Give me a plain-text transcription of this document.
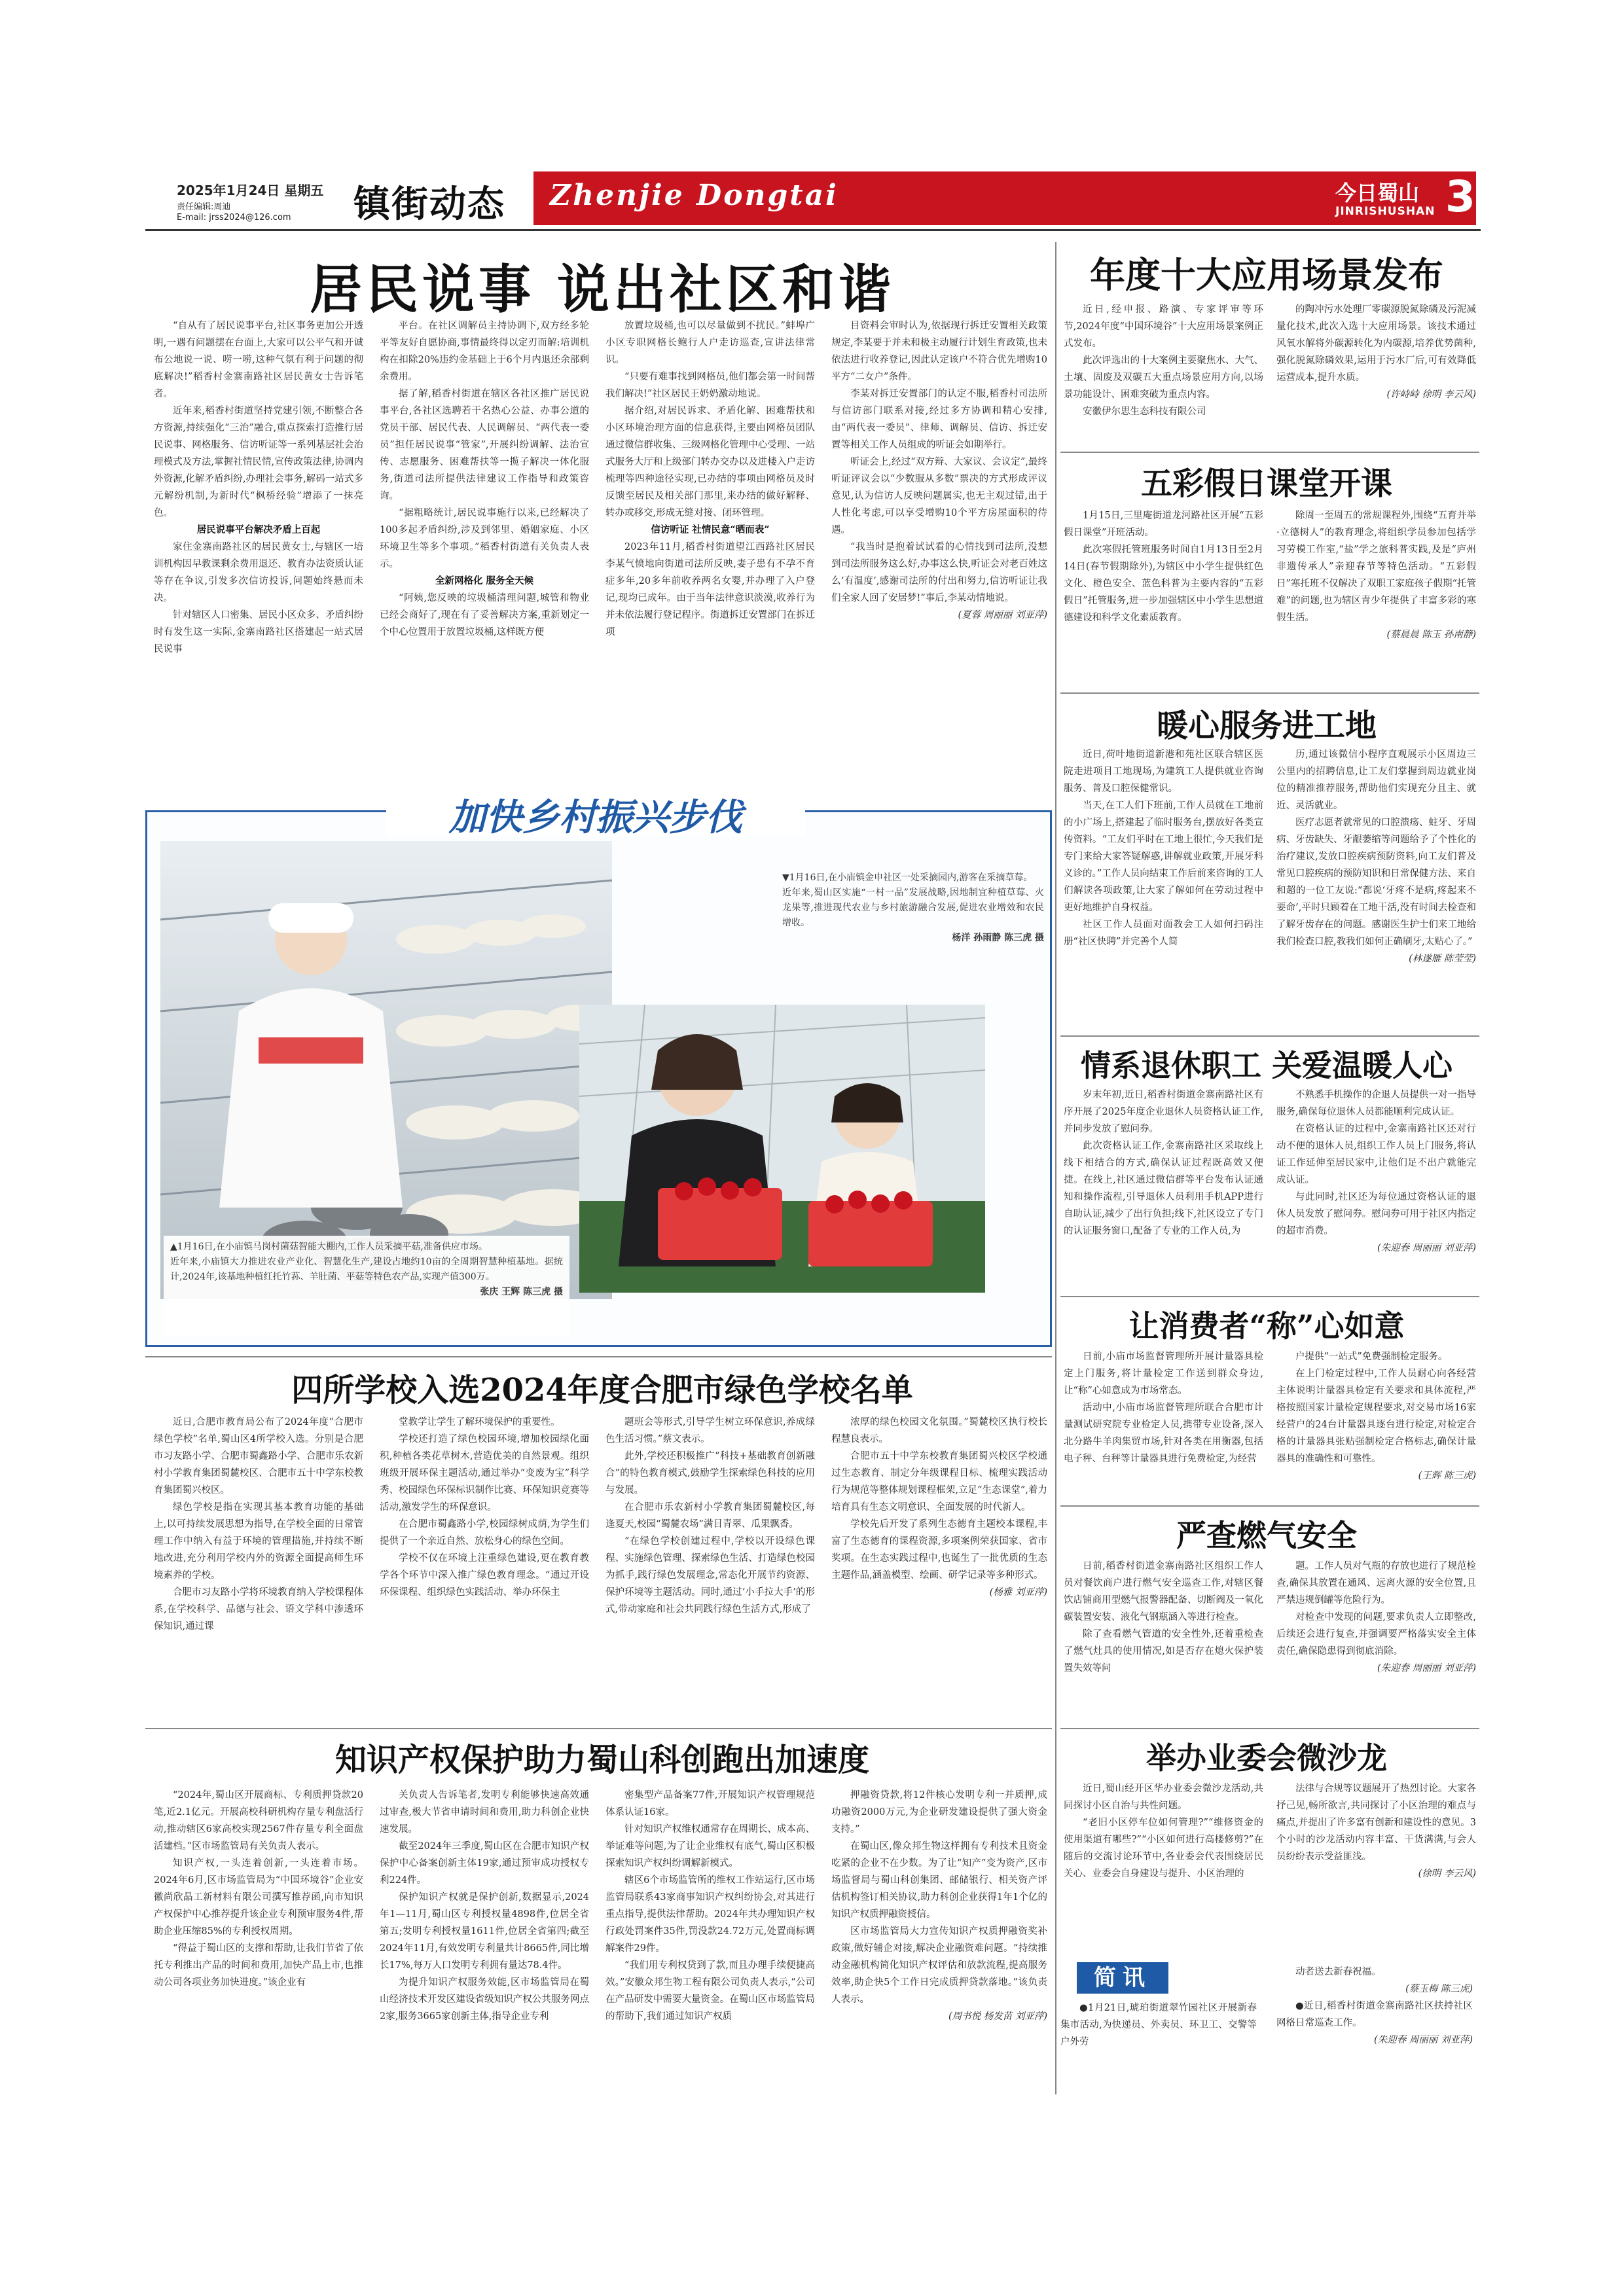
2025年1月24日 星期五
责任编辑:周迪
E-mail: jrss2024@126.com 镇街动态 Zhenjie Dongtai	今日蜀山
JINRISHUSHAN 3
居民说事 说出社区和谐

“自从有了居民说事平台,社区事务更加公开透明,一遇有问题摆在台面上,大家可以公平气和开诚布公地说一说、唠一唠,这种气氛有利于问题的彻底解决!”稻香村金寨南路社区居民黄女士告诉笔者。

近年来,稻香村街道坚持党建引领,不断整合各方资源,持续强化“三治”融合,重点探索打造推行居民说事、网格服务、信访听证等一系列基层社会治理模式及方法,掌握社情民情,宣传政策法律,协调内外资源,化解矛盾纠纷,办理社会事务,解码一站式多元解纷机制,为新时代“枫桥经验”增添了一抹亮色。

居民说事平台解决矛盾上百起

家住金寨南路社区的居民黄女士,与辖区一培训机构因早教课剩余费用退还、教育办法资质认证等存在争议,引发多次信访投诉,问题始终悬而未决。

针对辖区人口密集、居民小区众多、矛盾纠纷时有发生这一实际,金寨南路社区搭建起一站式居民说事

平台。在社区调解员主持协调下,双方经多轮平等友好自愿协商,事情最终得以定刃而解:培训机构在扣除20%违约金基础上于6个月内退还余部剩余费用。

据了解,稻香村街道在辖区各社区推广居民说事平台,各社区选聘若干名热心公益、办事公道的党员干部、居民代表、人民调解员、“两代表一委员”担任居民说事“管家”,开展纠纷调解、法治宣传、志愿服务、困难帮扶等一揽子解决一体化服务,街道司法所提供法律建议工作指导和政策咨询。

“据粗略统计,居民说事施行以来,已经解决了100多起矛盾纠纷,涉及到邻里、婚姻家庭、小区环境卫生等多个事项。”稻香村街道有关负责人表示。

全新网格化 服务全天候

“阿姨,您反映的垃圾桶清理问题,城管和物业已经会商好了,现在有了妥善解决方案,重新划定一个中心位置用于放置垃圾桶,这样既方便

放置垃圾桶,也可以尽量做到不扰民。”蚌埠广小区专职网格长鲍行人户走访巡查,宣讲法律常识。

“只要有难事找到网格员,他们都会第一时间帮我们解决!”社区居民王奶奶激动地说。

据介绍,对居民诉求、矛盾化解、困难帮扶和小区环境治理方面的信息获得,主要由网格员团队通过微信群收集、三级网格化管理中心受理、一站式服务大厅和上级部门转办交办以及进楼入户走访梳理等四种途径实现,已办结的事项由网格员及时反馈至居民及相关部门那里,来办结的做好解释、转办或移交,形成无缝对接、闭环管理。

信访听证 社情民意“晒而表”

2023年11月,稻香村街道望江西路社区居民李某气愤地向街道司法所反映,妻子患有不孕不育症多年,20多年前收养两名女婴,并办理了入户登记,现均已成年。由于当年法律意识淡漠,收养行为并未依法履行登记程序。街道拆迁安置部门在拆迁项

目资料会审时认为,依据现行拆迁安置相关政策规定,李某要于并未和极主动履行计划生育政策,也未依法进行收养登记,因此认定该户不符合优先增购10平方“二女户”条件。

李某对拆迁安置部门的认定不服,稻香村司法所与信访部门联系对接,经过多方协调和精心安排,由“两代表一委员”、律师、调解员、信访、拆迁安置等相关工作人员组成的听证会如期举行。

听证会上,经过“双方辩、大家议、会议定”,最终听证评议会以“少数服从多数”票决的方式形成评议意见,认为信访人反映问题属实,也无主观过错,出于人性化考虑,可以享受增购10个平方房屋面积的待遇。

“我当时是抱着试试看的心情找到司法所,没想到司法所服务这么好,办事这么快,听证会对老百姓这么‘有温度’,感谢司法所的付出和努力,信访听证让我们全家人回了安居梦!”事后,李某动情地说。

(夏蓉 周丽丽 刘亚萍)

加快乡村振兴步伐
▼1月16日,在小庙镇金申社区一处采摘园内,游客在采摘草莓。
近年来,蜀山区实施“一村一品”发展战略,因地制宜种植草莓、火龙果等,推进现代农业与乡村旅游融合发展,促进农业增效和农民增收。
杨洋 孙雨静 陈三虎 摄
▲1月16日,在小庙镇马岗村菌菇智能大棚内,工作人员采摘平菇,准备供应市场。
近年来,小庙镇大力推进农业产业化、智慧化生产,建设占地约10亩的全周期智慧种植基地。据统计,2024年,该基地种植红托竹荪、羊肚菌、平菇等特色农产品,实现产值300万。
张庆 王辉 陈三虎 摄
四所学校入选2024年度合肥市绿色学校名单

近日,合肥市教育局公布了2024年度“合肥市绿色学校”名单,蜀山区4所学校入选。分别是合肥市习友路小学、合肥市蜀鑫路小学、合肥市乐农新村小学教育集团蜀麓校区、合肥市五十中学东校教育集团蜀兴校区。

绿色学校是指在实现其基本教育功能的基础上,以可持续发展思想为指导,在学校全面的日常管理工作中纳入有益于环境的管理措施,并持续不断地改进,充分利用学校内外的资源全面提高师生环境素养的学校。

合肥市习友路小学将环境教育纳入学校课程体系,在学校科学、品德与社会、语文学科中渗透环保知识,通过课

堂教学让学生了解环境保护的重要性。

学校还打造了绿色校园环境,增加校园绿化面积,种植各类花草树木,营造优美的自然景观。组织班级开展环保主题活动,通过举办“变废为宝”科学秀、校园绿色环保标识制作比赛、环保知识竞赛等活动,激发学生的环保意识。

在合肥市蜀鑫路小学,校园绿树成荫,为学生们提供了一个亲近自然、放松身心的绿色空间。

学校不仅在环境上注重绿色建设,更在教育教学各个环节中深入推广绿色教育理念。“通过开设环保课程、组织绿色实践活动、举办环保主

题班会等形式,引导学生树立环保意识,养成绿色生活习惯。”蔡文表示。

此外,学校还积极推广“科技+基础教育创新融合”的特色教育模式,鼓励学生探索绿色科技的应用与发展。

在合肥市乐农新村小学教育集团蜀麓校区,每逢夏天,校园“蜀麓农场”满目青翠、瓜果飘香。

“在绿色学校创建过程中,学校以开设绿色课程、实施绿色管理、探索绿色生活、打造绿色校园为抓手,践行绿色发展理念,常态化开展节约资源、保护环境等主题活动。同时,通过‘小手拉大手’的形式,带动家庭和社会共同践行绿色生活方式,形成了

浓厚的绿色校园文化氛围。”蜀麓校区执行校长程慧良表示。

合肥市五十中学东校教育集团蜀兴校区学校通过生态教育、制定分年级课程目标、梳理实践活动行为规范等整体规划课程框架,立足“生态课堂”,着力培育具有生态文明意识、全面发展的时代新人。

学校先后开发了系列生态德育主题校本课程,丰富了生态德育的课程资源,多项案例荣获国家、省市奖项。在生态实践过程中,也诞生了一批优质的生态主题作品,涵盖模型、绘画、研学记录等多种形式。

(杨雅 刘亚萍)

知识产权保护助力蜀山科创跑出加速度

“2024年,蜀山区开展商标、专利质押贷款20笔,近2.1亿元。开展高校科研机构存量专利盘活行动,推动辖区6家高校实现2567件存量专利全面盘活建档。”区市场监管局有关负责人表示。

知识产权,一头连着创新,一头连着市场。2024年6月,区市场监管局为“中国环境谷”企业安徽尚欣晶工新材料有限公司撰写推荐函,向市知识产权保护中心推荐提升该企业专利预审服务4件,帮助企业压缩85%的专利授权周期。

“得益于蜀山区的支撑和帮助,让我们节省了依托专利推出产品的时间和费用,加快产品上市,也推动公司各项业务加快进度。”该企业有

关负责人告诉笔者,发明专利能够快速高效通过审查,极大节省申请时间和费用,助力科创企业快速发展。

截至2024年三季度,蜀山区在合肥市知识产权保护中心备案创新主体19家,通过预审成功授权专利224件。

保护知识产权就是保护创新,数据显示,2024年1—11月,蜀山区专利授权量4898件,位居全省第五;发明专利授权量1611件,位居全省第四;截至2024年11月,有效发明专利量共计8665件,同比增长17%,每万人口发明专利拥有量达78.4件。

为提升知识产权服务效能,区市场监管局在蜀山经济技术开发区建设省级知识产权公共服务网点2家,服务3665家创新主体,指导企业专利

密集型产品备案77件,开展知识产权管理规范体系认证16家。

针对知识产权维权通常存在周期长、成本高、举证难等问题,为了让企业维权有底气,蜀山区积极探索知识产权纠纷调解新模式。

辖区6个市场监管所的维权工作站运行,区市场监管局联系43家商事知识产权纠纷协会,对其进行重点指导,提供法律帮助。2024年共办理知识产权行政处罚案件35件,罚没款24.72万元,处置商标调解案件29件。

“我们用专利权贷到了款,而且办理手续便捷高效。”安徽众邦生物工程有限公司负责人表示,“公司在产品研发中需要大量资金。在蜀山区市场监管局的帮助下,我们通过知识产权质

押融资贷款,将12件核心发明专利一并质押,成功融资2000万元,为企业研发建设提供了强大资金支持。”

在蜀山区,像众邦生物这样拥有专利技术且资金吃紧的企业不在少数。为了让“知产”变为资产,区市场监督局与蜀山科创集团、邮储银行、相关资产评估机构签订相关协议,助力科创企业获得1年1个亿的知识产权质押融资授信。

区市场监管局大力宣传知识产权质押融资奖补政策,做好辅企对接,解决企业融资难问题。“持续推动金融机构简化知识产权评估和放款流程,提高服务效率,助企快5个工作日完成质押贷款落地。”该负责人表示。

(周书悦 杨发苗 刘亚萍)

年度十大应用场景发布

近日,经申报、路演、专家评审等环节,2024年度“中国环境谷”十大应用场景案例正式发布。

此次评选出的十大案例主要聚焦水、大气、土壤、固废及双碳五大重点场景应用方向,以场景功能设计、困难突破为重点内容。

安徽伊尔思生态科技有限公司

的陶冲污水处理厂零碳源脱氮除磷及污泥减量化技术,此次入选十大应用场景。该技术通过风氧水解将外碳源转化为内碳源,培养优势菌种,强化脱氮除磷效果,运用于污水厂后,可有效降低运营成本,提升水质。

(许峙峙 徐明 李云风)

五彩假日课堂开课

1月15日,三里庵街道龙河路社区开展“五彩假日课堂”开班活动。

此次寒假托管班服务时间自1月13日至2月14日(春节假期除外),为辖区中小学生提供红色文化、橙色安全、蓝色科普为主要内容的“五彩假日”托管服务,进一步加强辖区中小学生思想道德建设和科学文化素质教育。

除周一至周五的常规课程外,围绕“五育并举·立德树人”的教育理念,将组织学员参加包括学习劳模工作室,“盐”学之旅科普实践,及是“庐州非遗传承人”亲迎春节等特色活动。“五彩假日”寒托班不仅解决了双职工家庭孩子假期“托管难”的问题,也为辖区青少年提供了丰富多彩的寒假生活。

(蔡晨晨 陈玉 孙南静)

暖心服务进工地

近日,荷叶地街道新港和苑社区联合辖区医院走进项目工地现场,为建筑工人提供就业咨询服务、普及口腔保健常识。

当天,在工人们下班前,工作人员就在工地前的小广场上,搭建起了临时服务台,摆放好各类宣传资料。“工友们平时在工地上很忙,今天我们是专门来给大家答疑解惑,讲解就业政策,开展牙科义诊的。”工作人员向结束工作后前来咨询的工人们解读各项政策,让大家了解如何在劳动过程中更好地维护自身权益。

社区工作人员面对面教会工人如何扫码注册“社区快聘”并完善个人简

历,通过该微信小程序直观展示小区周边三公里内的招聘信息,让工友们掌握到周边就业岗位的精准推荐服务,帮助他们实现充分且主、就近、灵活就业。

医疗志愿者就常见的口腔溃疡、蛀牙、牙周病、牙齿缺失、牙龈萎缩等问题给予了个性化的治疗建议,发放口腔疾病预防资料,向工友们普及常见口腔疾病的预防知识和日常保健方法、来自和超的一位工友说:“都说‘牙疼不是病,疼起来不要命’,平时只顾着在工地干活,没有时间去检查和了解牙齿存在的问题。感谢医生护士们来工地给我们检查口腔,教我们如何正确刷牙,太贴心了。”

(林遂雁 陈莹莹)

情系退休职工 关爱温暖人心

岁末年初,近日,稻香村街道金寨南路社区有序开展了2025年度企业退休人员资格认证工作,并同步发放了慰问券。

此次资格认证工作,金寨南路社区采取线上线下相结合的方式,确保认证过程既高效又便捷。在线上,社区通过微信群等平台发布认证通知和操作流程,引导退休人员利用手机APP进行自助认证,减少了出行负担;线下,社区设立了专门的认证服务窗口,配备了专业的工作人员,为

不熟悉手机操作的企退人员提供一对一指导服务,确保每位退休人员都能顺利完成认证。

在资格认证的过程中,金寨南路社区还对行动不便的退休人员,组织工作人员上门服务,将认证工作延伸至居民家中,让他们足不出户就能完成认证。

与此同时,社区还为每位通过资格认证的退休人员发放了慰问券。慰问券可用于社区内指定的超市消费。

(朱迎春 周丽丽 刘亚萍)

让消费者“称”心如意

日前,小庙市场监督管理所开展计量器具检定上门服务,将计量检定工作送到群众身边,让“称”心如意成为市场常态。

活动中,小庙市场监督管理所联合合肥市计量测试研究院专业检定人员,携带专业设备,深入北分路牛羊肉集贸市场,针对各类在用衡器,包括电子秤、台秤等计量器具进行免费检定,为经营

户提供“一站式”免费强制检定服务。

在上门检定过程中,工作人员耐心向各经营主体说明计量器具检定有关要求和具体流程,严格按照国家计量检定规程要求,对交易市场16家经营户的24台计量器具逐台进行检定,对检定合格的计量器具张贴强制检定合格标志,确保计量器具的准确性和可靠性。

(王辉 陈三虎)

严查燃气安全

日前,稻香村街道金寨南路社区组织工作人员对餐饮商户进行燃气安全巡查工作,对辖区餐饮店铺商用型燃气报警器配备、切断阀及一氧化碳装置安装、液化气钢瓶涵入等进行检查。

除了查看燃气管道的安全性外,还着重检查了燃气灶具的使用情况,如是否存在熄火保护装置失效等问

题。工作人员对气瓶的存放也进行了规范检查,确保其放置在通风、远离火源的安全位置,且严禁违规倒罐等危险行为。

对检查中发现的问题,要求负责人立即整改,后续还会进行复查,并强调要严格落实安全主体责任,确保隐患得到彻底消除。

(朱迎春 周丽丽 刘亚萍)

举办业委会微沙龙

近日,蜀山经开区华办业委会微沙龙活动,共同探讨小区自治与共性问题。

“老旧小区停车位如何管理?”“维修资金的使用渠道有哪些?”“小区如何进行高楼修剪?”在随后的交流讨论环节中,各业委会代表围绕居民关心、业委会自身建设与提升、小区治理的

法律与合规等议题展开了热烈讨论。大家各抒己见,畅所欲言,共同探讨了小区治理的难点与痛点,并提出了许多富有创新和建设性的意见。3个小时的沙龙活动内容丰富、干货满满,与会人员纷纷表示受益匪浅。

(徐明 李云风)

简讯

●1月21日,琥珀街道翠竹园社区开展新春集市活动,为快递员、外卖员、环卫工、交警等户外劳

动者送去新春祝福。

(蔡玉梅 陈三虎)

●近日,稻香村街道金寨南路社区扶持社区网格日常巡查工作。

(朱迎春 周丽丽 刘亚萍)
